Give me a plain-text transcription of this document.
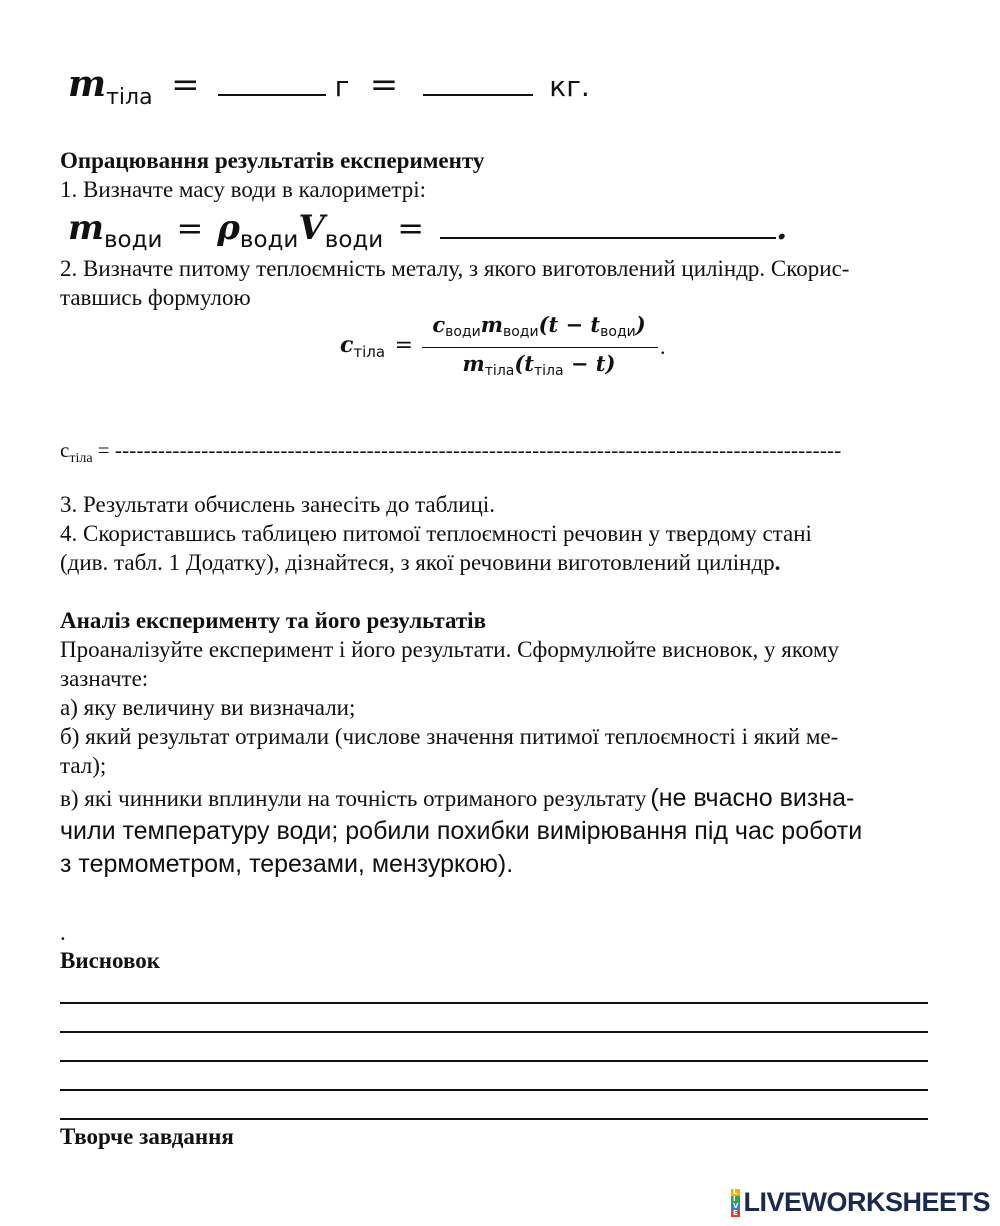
$m_{тіла}$ =	г =	кг.
Опрацювання результатів експерименту
1. Визначте масу води в калориметрі:
$m_{води} = \rho_{води}V_{води}$ =	.
2. Визначте питому теплоємність металу, з якого виготовлений циліндр. Скорис-
тавшись формулою
$c_{тіла}$ =
cводиmводи(t − tводи)
mтіла(tтіла − t)
.
$c_{тіла}$ = -----------------------------------------------------------------------------------------------------
3. Результати обчислень занесіть до таблиці.
4. Скориставшись таблицею питомої теплоємності речовин у твердому стані
(див. табл. 1 Додатку), дізнайтеся, з якої речовини виготовлений циліндр.
Аналіз експерименту та його результатів
Проаналізуйте експеримент і його результати. Сформулюйте висновок, у якому
зазначте:
а) яку величину ви визначали;
б) який результат отримали (числове значення питимої теплоємності і який ме-
тал);
в) які чинники вплинули на точність отриманого результату (не вчасно визна-
чили температуру води; робили похибки вимірювання під час роботи
з термометром, терезами, мензуркою).
.
Висновок
Творче завдання
L
I
V
E LIVEWORKSHEETS
